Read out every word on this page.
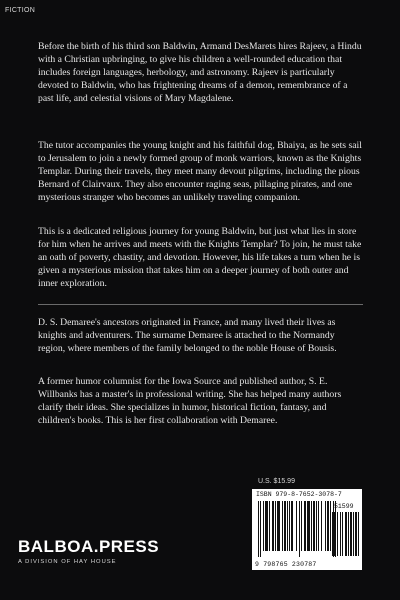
FICTION

Before the birth of his third son Baldwin, Armand DesMarets hires Rajeev, a Hindu with a Christian upbringing, to give his children a well-rounded education that includes foreign languages, herbology, and astronomy. Rajeev is particularly devoted to Baldwin, who has frightening dreams of a demon, remembrance of a past life, and celestial visions of Mary Magdalene.

The tutor accompanies the young knight and his faithful dog, Bhaiya, as he sets sail to Jerusalem to join a newly formed group of monk warriors, known as the Knights Templar. During their travels, they meet many devout pilgrims, including the pious Bernard of Clairvaux. They also encounter raging seas, pillaging pirates, and one mysterious stranger who becomes an unlikely traveling companion.

This is a dedicated religious journey for young Baldwin, but just what lies in store for him when he arrives and meets with the Knights Templar? To join, he must take an oath of poverty, chastity, and devotion. However, his life takes a turn when he is given a mysterious mission that takes him on a deeper journey of both outer and inner exploration.

D. S. Demaree's ancestors originated in France, and many lived their lives as knights and adventurers. The surname Demaree is attached to the Normandy region, where members of the family belonged to the noble House of Bousis.

A former humor columnist for the Iowa Source and published author, S. E. Willbanks has a master's in professional writing. She has helped many authors clarify their ideas. She specializes in humor, historical fiction, fantasy, and children's books. This is her first collaboration with Demaree.

U.S. $15.99
ISBN 979-8-7652-3078-7
51599
9 798765 230787
BALBOA.PRESS
A DIVISION OF HAY HOUSE
